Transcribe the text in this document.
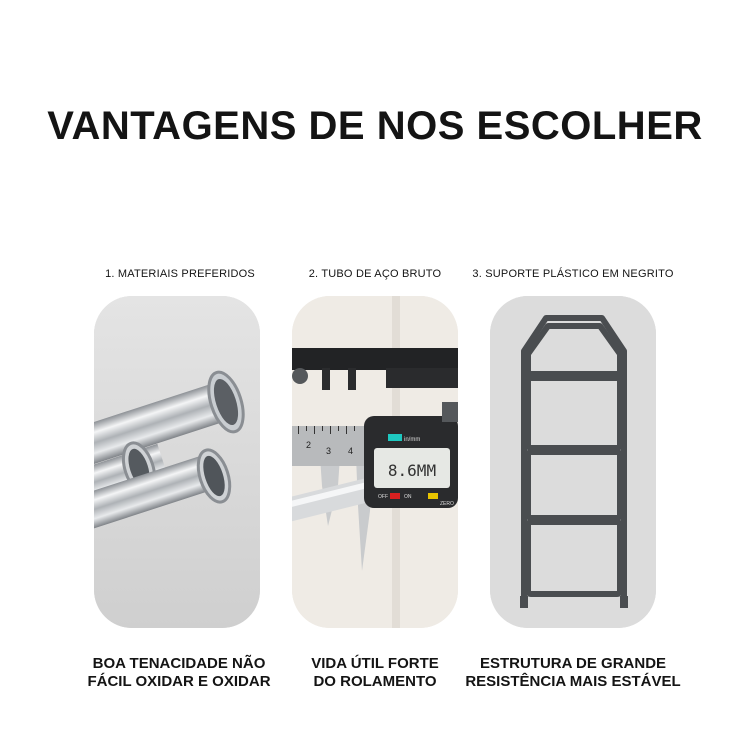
VANTAGENS DE NOS ESCOLHER
1. MATERIAIS PREFERIDOS
BOA TENACIDADE NÃO
FÁCIL OXIDAR E OXIDAR
2. TUBO DE AÇO BRUTO
2
3 4
in/mm
8.6MM
OFF	ON
ZERO
VIDA ÚTIL FORTE
DO ROLAMENTO
3. SUPORTE PLÁSTICO EM NEGRITO
ESTRUTURA DE GRANDE
RESISTÊNCIA MAIS ESTÁVEL
